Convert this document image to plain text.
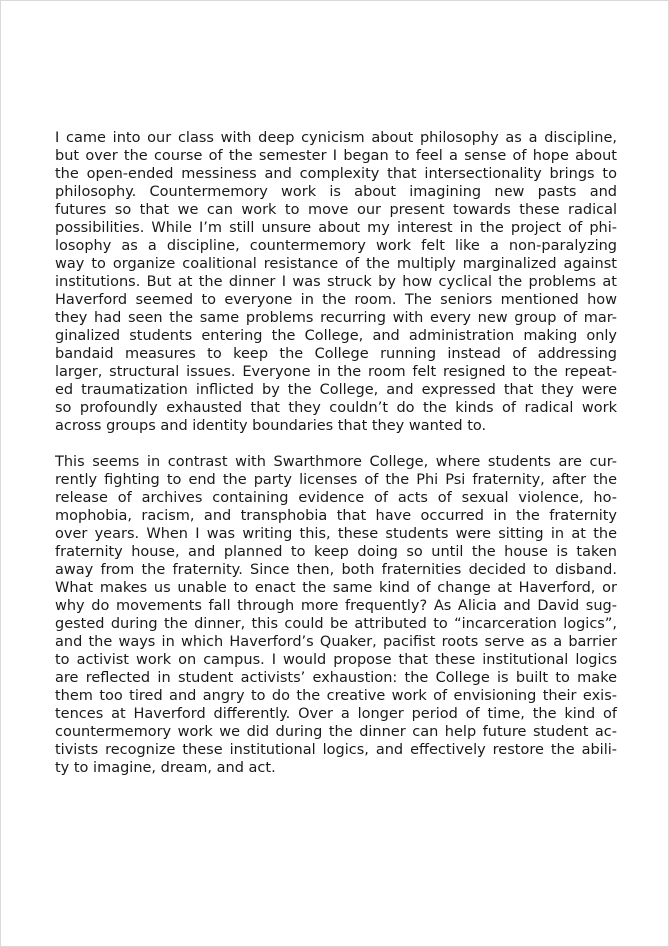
I came into our class with deep cynicism about philosophy as a discipline,
but over the course of the semester I began to feel a sense of hope about
the open-ended messiness and complexity that intersectionality brings to
philosophy. Countermemory work is about imagining new pasts and
futures so that we can work to move our present towards these radical
possibilities. While I’m still unsure about my interest in the project of phi-
losophy as a discipline, countermemory work felt like a non-paralyzing
way to organize coalitional resistance of the multiply marginalized against
institutions. But at the dinner I was struck by how cyclical the problems at
Haverford seemed to everyone in the room. The seniors mentioned how
they had seen the same problems recurring with every new group of mar-
ginalized students entering the College, and administration making only
bandaid measures to keep the College running instead of addressing
larger, structural issues. Everyone in the room felt resigned to the repeat-
ed traumatization inflicted by the College, and expressed that they were
so profoundly exhausted that they couldn’t do the kinds of radical work
across groups and identity boundaries that they wanted to.
This seems in contrast with Swarthmore College, where students are cur-
rently fighting to end the party licenses of the Phi Psi fraternity, after the
release of archives containing evidence of acts of sexual violence, ho-
mophobia, racism, and transphobia that have occurred in the fraternity
over years. When I was writing this, these students were sitting in at the
fraternity house, and planned to keep doing so until the house is taken
away from the fraternity. Since then, both fraternities decided to disband.
What makes us unable to enact the same kind of change at Haverford, or
why do movements fall through more frequently? As Alicia and David sug-
gested during the dinner, this could be attributed to “incarceration logics”,
and the ways in which Haverford’s Quaker, pacifist roots serve as a barrier
to activist work on campus. I would propose that these institutional logics
are reflected in student activists’ exhaustion: the College is built to make
them too tired and angry to do the creative work of envisioning their exis-
tences at Haverford differently. Over a longer period of time, the kind of
countermemory work we did during the dinner can help future student ac-
tivists recognize these institutional logics, and effectively restore the abili-
ty to imagine, dream, and act.
